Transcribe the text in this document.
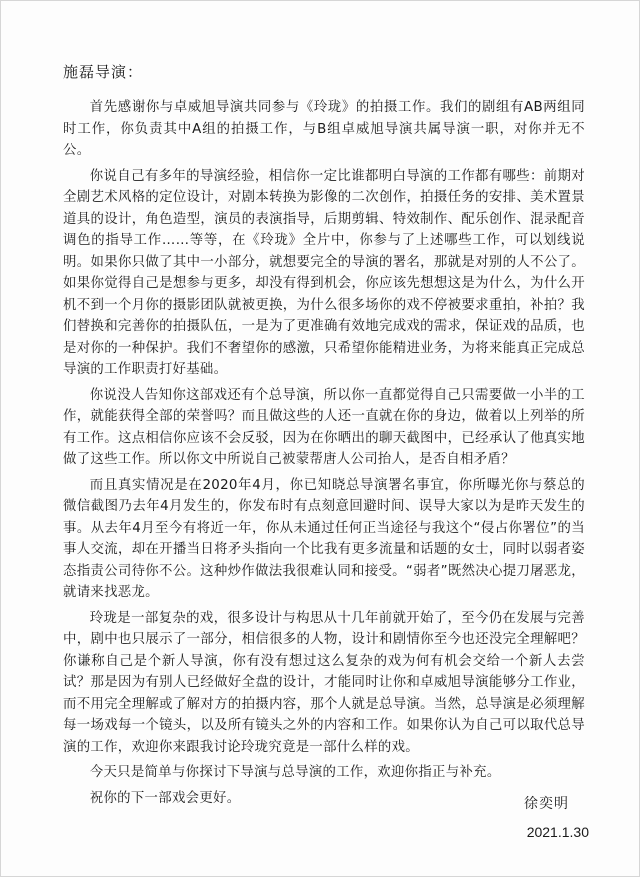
施磊导演：

首先感谢你与卓威旭导演共同参与《玲珑》的拍摄工作。我们的剧组有AB两组同时工作，你负责其中A组的拍摄工作，与B组卓威旭导演共属导演一职，对你并无不公。

你说自己有多年的导演经验，相信你一定比谁都明白导演的工作都有哪些：前期对全剧艺术风格的定位设计，对剧本转换为影像的二次创作，拍摄任务的安排、美术置景道具的设计，角色造型，演员的表演指导，后期剪辑、特效制作、配乐创作、混录配音调色的指导工作……等等，在《玲珑》全片中，你参与了上述哪些工作，可以划线说明。如果你只做了其中一小部分，就想要完全的导演的署名，那就是对别的人不公了。如果你觉得自己是想参与更多，却没有得到机会，你应该先想想这是为什么，为什么开机不到一个月你的摄影团队就被更换，为什么很多场你的戏不停被要求重拍，补拍？我们替换和完善你的拍摄队伍，一是为了更准确有效地完成戏的需求，保证戏的品质，也是对你的一种保护。我们不奢望你的感激，只希望你能精进业务，为将来能真正完成总导演的工作职责打好基础。

你说没人告知你这部戏还有个总导演，所以你一直都觉得自己只需要做一小半的工作，就能获得全部的荣誉吗？而且做这些的人还一直就在你的身边，做着以上列举的所有工作。这点相信你应该不会反驳，因为在你晒出的聊天截图中，已经承认了他真实地做了这些工作。所以你文中所说自己被蒙帮唐人公司抬人，是否自相矛盾？

而且真实情况是在2020年4月，你已知晓总导演署名事宜，你所曝光你与蔡总的微信截图乃去年4月发生的，你发布时有点刻意回避时间、误导大家以为是昨天发生的事。从去年4月至今有将近一年，你从未通过任何正当途径与我这个“侵占你署位”的当事人交流，却在开播当日将矛头指向一个比我有更多流量和话题的女士，同时以弱者姿态指责公司待你不公。这种炒作做法我很难认同和接受。“弱者”既然决心提刀屠恶龙，就请来找恶龙。

玲珑是一部复杂的戏，很多设计与构思从十几年前就开始了，至今仍在发展与完善中，剧中也只展示了一部分，相信很多的人物，设计和剧情你至今也还没完全理解吧？你谦称自己是个新人导演，你有没有想过这么复杂的戏为何有机会交给一个新人去尝试？那是因为有别人已经做好全盘的设计，才能同时让你和卓威旭导演能够分工作业，而不用完全理解或了解对方的拍摄内容，那个人就是总导演。当然，总导演是必须理解每一场戏每一个镜头，以及所有镜头之外的内容和工作。如果你认为自己可以取代总导演的工作，欢迎你来跟我讨论玲珑究竟是一部什么样的戏。

今天只是简单与你探讨下导演与总导演的工作，欢迎你指正与补充。

祝你的下一部戏会更好。	徐奕明
2021.1.30
